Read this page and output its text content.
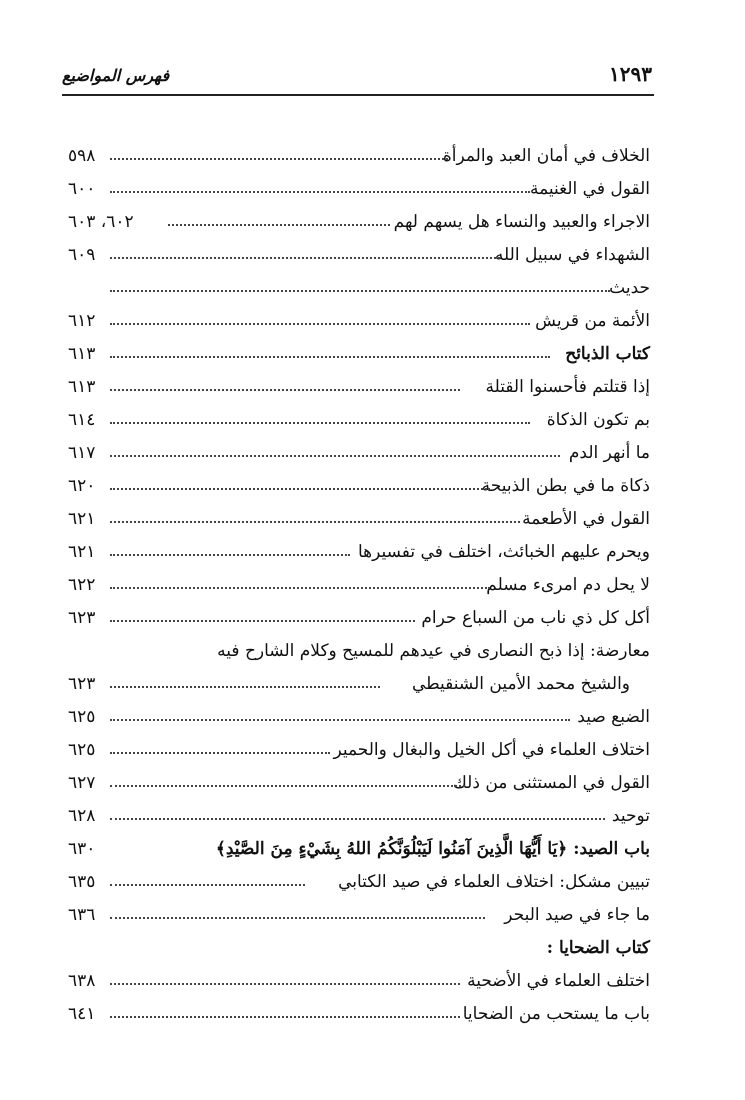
١٢٩٣
فهرس المواضيع
الخلاف في أمان العبد والمرأة
٥٩٨
القول في الغنيمة
٦٠٠
الاجراء والعبيد والنساء هل يسهم لهم
٦٠٢، ٦٠٣
الشهداء في سبيل الله
٦٠٩
حديث
الأئمة من قريش
٦١٢
كتاب الذبائح
٦١٣
إذا قتلتم فأحسنوا القتلة
٦١٣
بم تكون الذكاة
٦١٤
ما أنهر الدم
٦١٧
ذكاة ما في بطن الذبيحة
٦٢٠
القول في الأطعمة
٦٢١
ويحرم عليهم الخبائث، اختلف في تفسيرها
٦٢١
لا يحل دم امرىء مسلم
٦٢٢
أكل كل ذي ناب من السباع حرام
٦٢٣
معارضة: إذا ذبح النصارى في عيدهم للمسيح وكلام الشارح فيه
والشيخ محمد الأمين الشنقيطي
٦٢٣
الضبع صيد
٦٢٥
اختلاف العلماء في أكل الخيل والبغال والحمير
٦٢٥
القول في المستثنى من ذلك
٦٢٧
توحيد
٦٢٨
باب الصيد: ﴿يَا أَيُّهَا الَّذِينَ آمَنُوا لَيَبْلُوَنَّكُمُ اللهُ بِشَيْءٍ مِنَ الصَّيْدِ﴾
٦٣٠
تبيين مشكل: اختلاف العلماء في صيد الكتابي
٦٣٥
ما جاء في صيد البحر
٦٣٦
كتاب الضحايا :
اختلف العلماء في الأضحية
٦٣٨
باب ما يستحب من الضحايا
٦٤١
